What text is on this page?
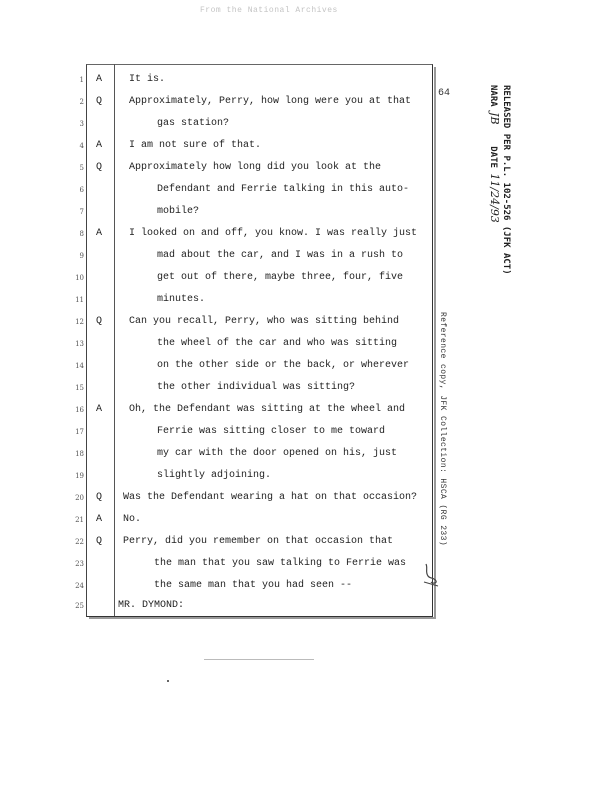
From the National Archives
64
1 A	It is.
2 Q	Approximately, Perry, how long were you at that
3	gas station?
4 A	I am not sure of that.
5 Q	Approximately how long did you look at the
6	Defendant and Ferrie talking in this auto-
7	mobile?
8 A	I looked on and off, you know. I was really just
9	mad about the car, and I was in a rush to
10	get out of there, maybe three, four, five
11	minutes.
12 Q	Can you recall, Perry, who was sitting behind
13	the wheel of the car and who was sitting
14	on the other side or the back, or wherever
15	the other individual was sitting?
16 A	Oh, the Defendant was sitting at the wheel and
17	Ferrie was sitting closer to me toward
18	my car with the door opened on his, just
19	slightly adjoining.
20 Q Was the Defendant wearing a hat on that occasion?
21 A No.
22 Q Perry, did you remember on that occasion that
23	the man that you saw talking to Ferrie was
24	the same man that you had seen --
25	MR. DYMOND:
RELEASED PER P.L. 102-526 (JFK ACT)
NARA JB    DATE 11/24/93
Reference copy, JFK Collection: HSCA (RG 233)
